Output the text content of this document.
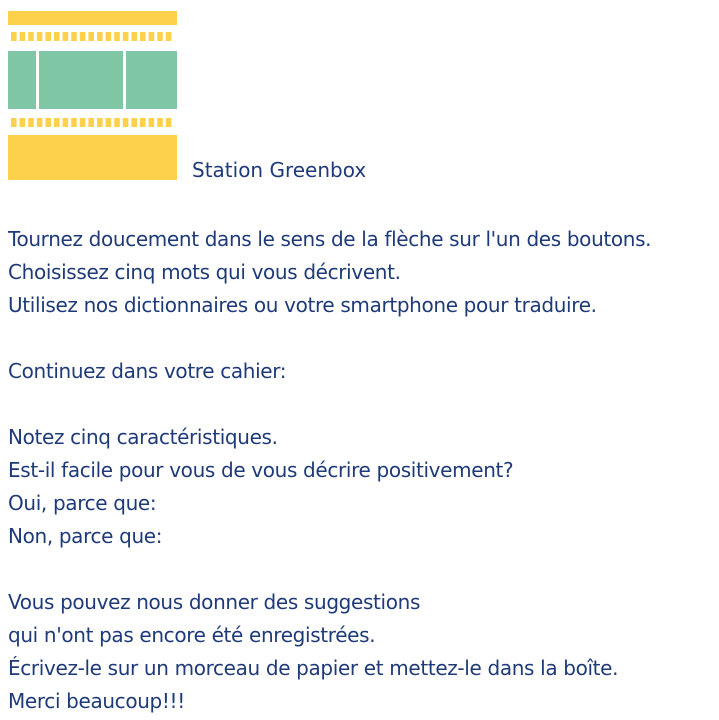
Station Greenbox
Tournez doucement dans le sens de la flèche sur l'un des boutons.
Choisissez cinq mots qui vous décrivent.
Utilisez nos dictionnaires ou votre smartphone pour traduire.
Continuez dans votre cahier:
Notez cinq caractéristiques.
Est-il facile pour vous de vous décrire positivement?
Oui, parce que:
Non, parce que:
Vous pouvez nous donner des suggestions
qui n'ont pas encore été enregistrées.
Écrivez-le sur un morceau de papier et mettez-le dans la boîte.
Merci beaucoup!!!
